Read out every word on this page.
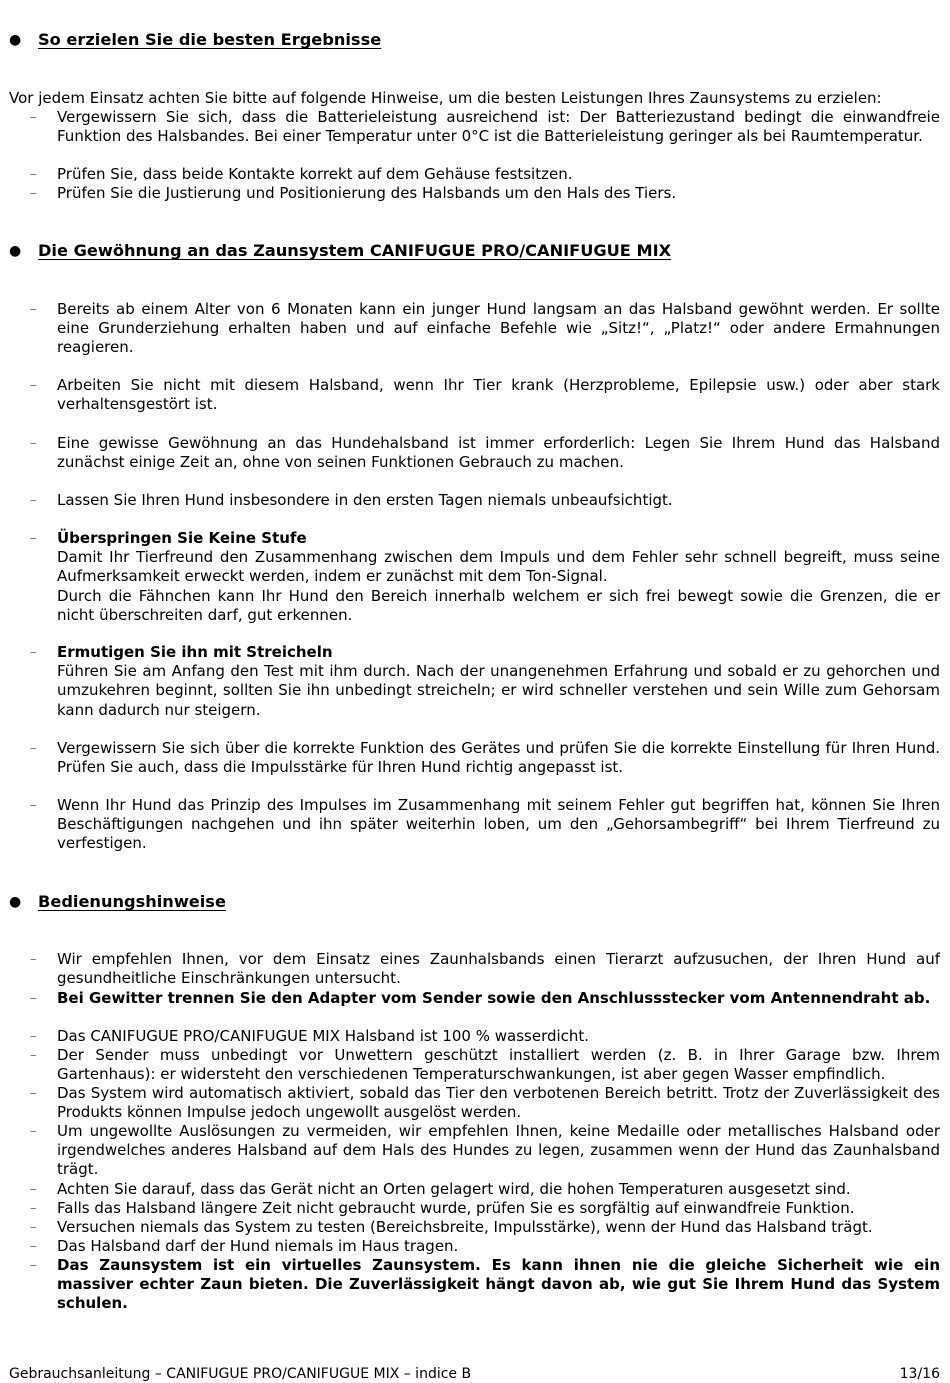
●	So erzielen Sie die besten Ergebnisse
Vor jedem Einsatz achten Sie bitte auf folgende Hinweise, um die besten Leistungen Ihres Zaunsystems zu erzielen:
–	Vergewissern Sie sich, dass die Batterieleistung ausreichend ist: Der Batteriezustand bedingt die einwandfreie Funktion des Halsbandes. Bei einer Temperatur unter 0°C ist die Batterieleistung geringer als bei Raumtemperatur.
–	Prüfen Sie, dass beide Kontakte korrekt auf dem Gehäuse festsitzen.
–	Prüfen Sie die Justierung und Positionierung des Halsbands um den Hals des Tiers.
●	Die Gewöhnung an das Zaunsystem CANIFUGUE PRO/CANIFUGUE MIX
–	Bereits ab einem Alter von 6 Monaten kann ein junger Hund langsam an das Halsband gewöhnt werden. Er sollte eine Grunderziehung erhalten haben und auf einfache Befehle wie „Sitz!“, „Platz!“ oder andere Ermahnungen reagieren.
–	Arbeiten Sie nicht mit diesem Halsband, wenn Ihr Tier krank (Herzprobleme, Epilepsie usw.) oder aber stark verhaltensgestört ist.
–	Eine gewisse Gewöhnung an das Hundehalsband ist immer erforderlich: Legen Sie Ihrem Hund das Halsband zunächst einige Zeit an, ohne von seinen Funktionen Gebrauch zu machen.
–	Lassen Sie Ihren Hund insbesondere in den ersten Tagen niemals unbeaufsichtigt.
–	Überspringen Sie Keine Stufe

Damit Ihr Tierfreund den Zusammenhang zwischen dem Impuls und dem Fehler sehr schnell begreift, muss seine Aufmerksamkeit erweckt werden, indem er zunächst mit dem Ton-Signal.

Durch die Fähnchen kann Ihr Hund den Bereich innerhalb welchem er sich frei bewegt sowie die Grenzen, die er nicht überschreiten darf, gut erkennen.

–	Ermutigen Sie ihn mit Streicheln

Führen Sie am Anfang den Test mit ihm durch. Nach der unangenehmen Erfahrung und sobald er zu gehorchen und umzukehren beginnt, sollten Sie ihn unbedingt streicheln; er wird schneller verstehen und sein Wille zum Gehorsam kann dadurch nur steigern.

–	Vergewissern Sie sich über die korrekte Funktion des Gerätes und prüfen Sie die korrekte Einstellung für Ihren Hund. Prüfen Sie auch, dass die Impulsstärke für Ihren Hund richtig angepasst ist.
–	Wenn Ihr Hund das Prinzip des Impulses im Zusammenhang mit seinem Fehler gut begriffen hat, können Sie Ihren Beschäftigungen nachgehen und ihn später weiterhin loben, um den „Gehorsambegriff“ bei Ihrem Tierfreund zu verfestigen.
●	Bedienungshinweise
–	Wir empfehlen Ihnen, vor dem Einsatz eines Zaunhalsbands einen Tierarzt aufzusuchen, der Ihren Hund auf gesundheitliche Einschränkungen untersucht.
–	Bei Gewitter trennen Sie den Adapter vom Sender sowie den Anschlussstecker vom Antennendraht ab.
–	Das CANIFUGUE PRO/CANIFUGUE MIX Halsband ist 100 % wasserdicht.
–	Der Sender muss unbedingt vor Unwettern geschützt installiert werden (z. B. in Ihrer Garage bzw. Ihrem Gartenhaus): er widersteht den verschiedenen Temperaturschwankungen, ist aber gegen Wasser empfindlich.
–	Das System wird automatisch aktiviert, sobald das Tier den verbotenen Bereich betritt. Trotz der Zuverlässigkeit des Produkts können Impulse jedoch ungewollt ausgelöst werden.
–	Um ungewollte Auslösungen zu vermeiden, wir empfehlen Ihnen, keine Medaille oder metallisches Halsband oder irgendwelches anderes Halsband auf dem Hals des Hundes zu legen, zusammen wenn der Hund das Zaunhalsband trägt.
–	Achten Sie darauf, dass das Gerät nicht an Orten gelagert wird, die hohen Temperaturen ausgesetzt sind.
–	Falls das Halsband längere Zeit nicht gebraucht wurde, prüfen Sie es sorgfältig auf einwandfreie Funktion.
–	Versuchen niemals das System zu testen (Bereichsbreite, Impulsstärke), wenn der Hund das Halsband trägt.
–	Das Halsband darf der Hund niemals im Haus tragen.
–	Das Zaunsystem ist ein virtuelles Zaunsystem. Es kann ihnen nie die gleiche Sicherheit wie ein massiver echter Zaun bieten. Die Zuverlässigkeit hängt davon ab, wie gut Sie Ihrem Hund das System schulen.
Gebrauchsanleitung – CANIFUGUE PRO/CANIFUGUE MIX – indice B	13/16
